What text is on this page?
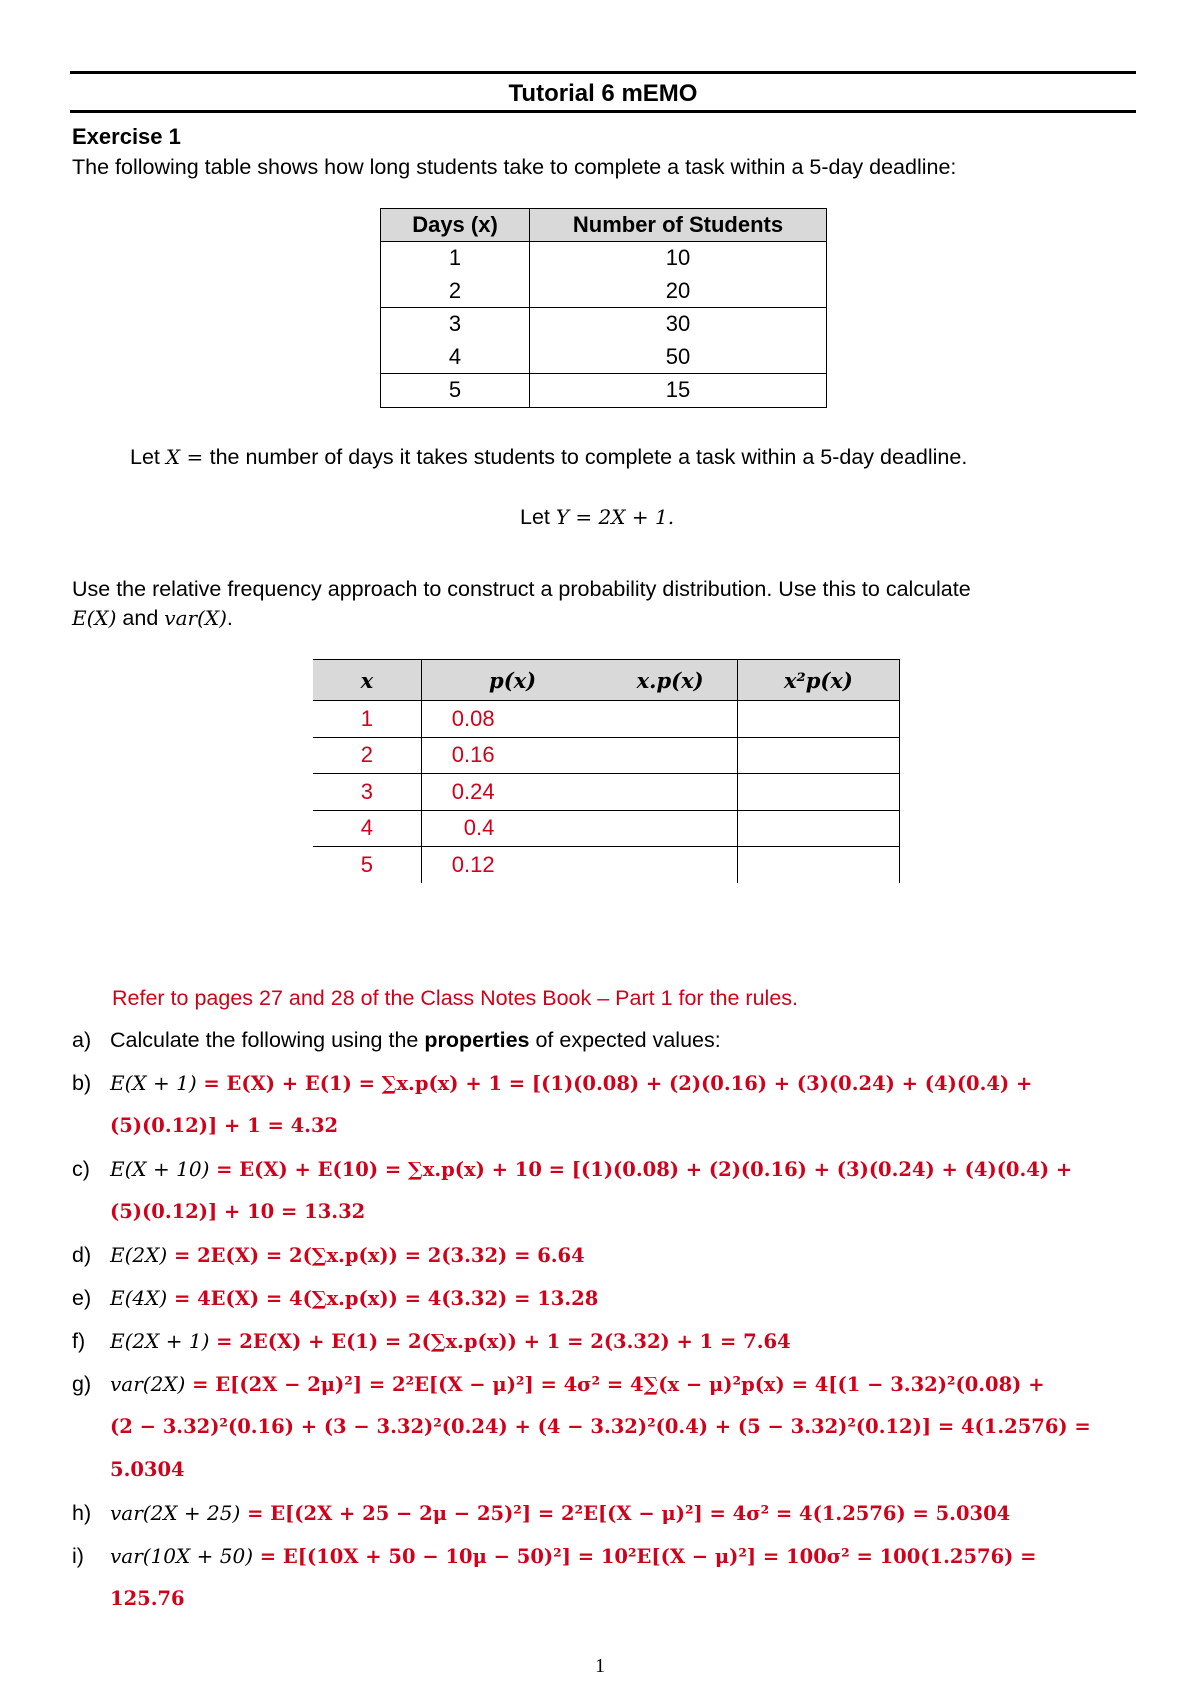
Tutorial 6 mEMO
Exercise 1
The following table shows how long students take to complete a task within a 5-day deadline:
Days (x)	Number of Students
1	10
2	20
3	30
4	50
5	15
Let X = the number of days it takes students to complete a task within a 5-day deadline.
Let Y = 2X + 1.
Use the relative frequency approach to construct a probability distribution. Use this to calculate
E(X) and var(X).
x	p(x)	x.p(x)	x²p(x)
1	0.08		
2	0.16		
3	0.24		
4	0.4		
5	0.12		
Refer to pages 27 and 28 of the Class Notes Book – Part 1 for the rules.
a) Calculate the following using the properties of expected values:
b) E(X + 1) = E(X) + E(1) = ∑x.p(x) + 1 = [(1)(0.08) + (2)(0.16) + (3)(0.24) + (4)(0.4) +
(5)(0.12)] + 1 = 4.32
c) E(X + 10) = E(X) + E(10) = ∑x.p(x) + 10 = [(1)(0.08) + (2)(0.16) + (3)(0.24) + (4)(0.4) +
(5)(0.12)] + 10 = 13.32
d) E(2X) = 2E(X) = 2(∑x.p(x)) = 2(3.32) = 6.64
e) E(4X) = 4E(X) = 4(∑x.p(x)) = 4(3.32) = 13.28
f) E(2X + 1) = 2E(X) + E(1) = 2(∑x.p(x)) + 1 = 2(3.32) + 1 = 7.64
g) var(2X) = E[(2X − 2μ)²] = 2²E[(X − μ)²] = 4σ² = 4∑(x − μ)²p(x) = 4[(1 − 3.32)²(0.08) +
(2 − 3.32)²(0.16) + (3 − 3.32)²(0.24) + (4 − 3.32)²(0.4) + (5 − 3.32)²(0.12)] = 4(1.2576) =
5.0304
h) var(2X + 25) = E[(2X + 25 − 2μ − 25)²] = 2²E[(X − μ)²] = 4σ² = 4(1.2576) = 5.0304
i) var(10X + 50) = E[(10X + 50 − 10μ − 50)²] = 10²E[(X − μ)²] = 100σ² = 100(1.2576) =
125.76
1
